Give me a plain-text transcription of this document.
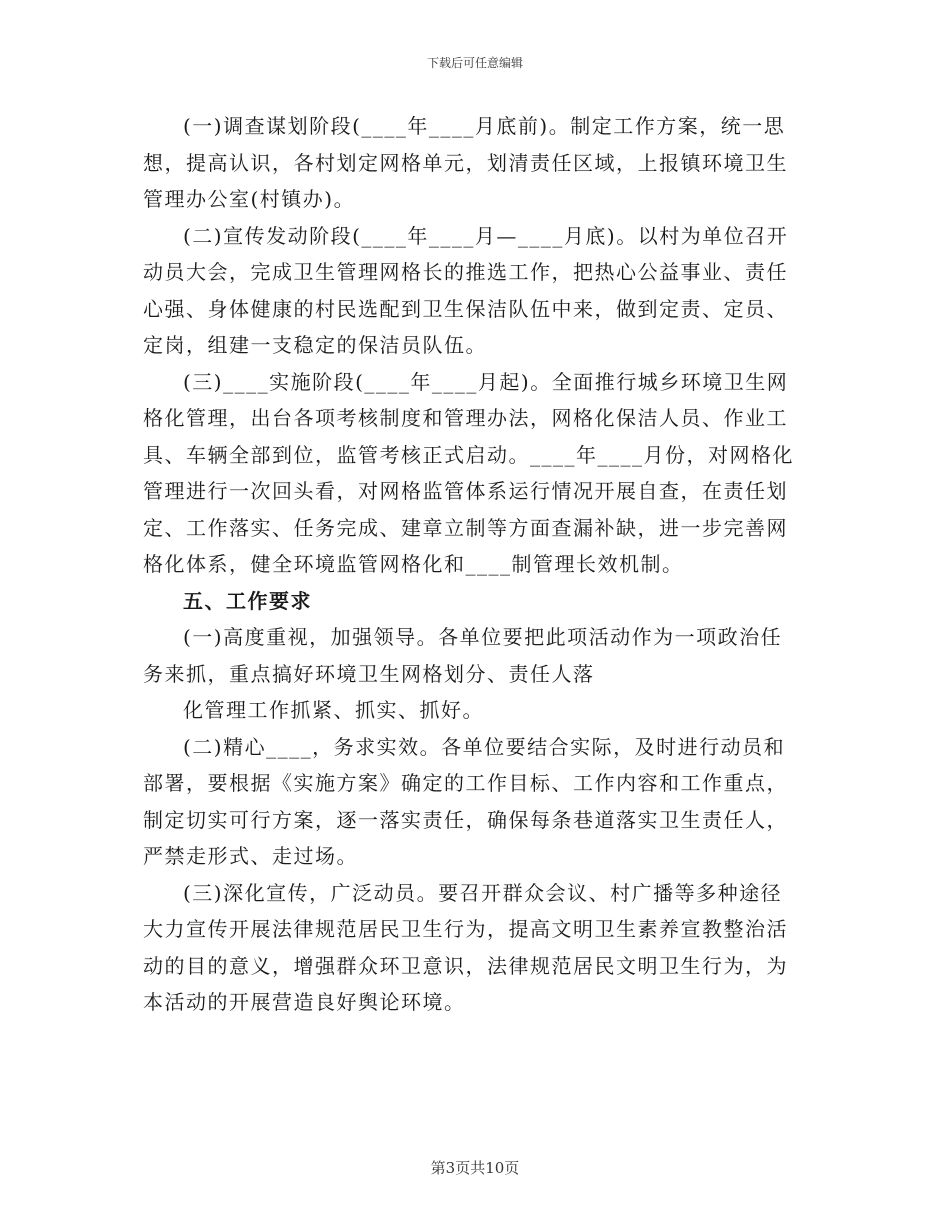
下载后可任意编辑
(一)调查谋划阶段(____年____月底前)。制定工作方案，统一思
想，提高认识，各村划定网格单元，划清责任区域，上报镇环境卫生
管理办公室(村镇办)。
(二)宣传发动阶段(____年____月—____月底)。以村为单位召开
动员大会，完成卫生管理网格长的推选工作，把热心公益事业、责任
心强、身体健康的村民选配到卫生保洁队伍中来，做到定责、定员、
定岗，组建一支稳定的保洁员队伍。
(三)____实施阶段(____年____月起)。全面推行城乡环境卫生网
格化管理，出台各项考核制度和管理办法，网格化保洁人员、作业工
具、车辆全部到位，监管考核正式启动。____年____月份，对网格化
管理进行一次回头看，对网格监管体系运行情况开展自查，在责任划
定、工作落实、任务完成、建章立制等方面查漏补缺，进一步完善网
格化体系，健全环境监管网格化和____制管理长效机制。
五、工作要求
(一)高度重视，加强领导。各单位要把此项活动作为一项政治任
务来抓，重点搞好环境卫生网格划分、责任人落
化管理工作抓紧、抓实、抓好。
(二)精心____，务求实效。各单位要结合实际，及时进行动员和
部署，要根据《实施方案》确定的工作目标、工作内容和工作重点，
制定切实可行方案，逐一落实责任，确保每条巷道落实卫生责任人，
严禁走形式、走过场。
(三)深化宣传，广泛动员。要召开群众会议、村广播等多种途径
大力宣传开展法律规范居民卫生行为，提高文明卫生素养宣教整治活
动的目的意义，增强群众环卫意识，法律规范居民文明卫生行为，为
本活动的开展营造良好舆论环境。
第3页共10页
